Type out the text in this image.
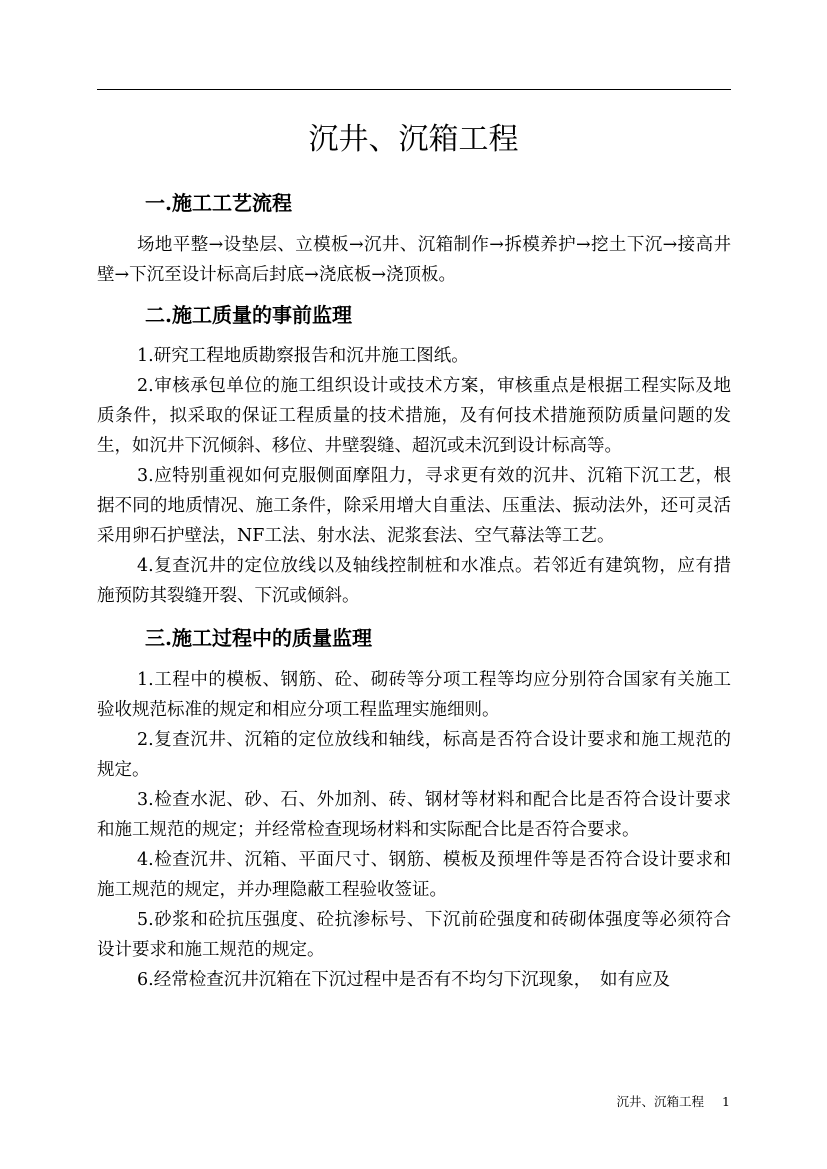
沉井、沉箱工程
一.施工工艺流程

场地平整→设垫层、立模板→沉井、沉箱制作→拆模养护→挖土下沉→接高井壁→下沉至设计标高后封底→浇底板→浇顶板。

二.施工质量的事前监理

1.研究工程地质勘察报告和沉井施工图纸。

2.审核承包单位的施工组织设计或技术方案，审核重点是根据工程实际及地质条件，拟采取的保证工程质量的技术措施，及有何技术措施预防质量问题的发生，如沉井下沉倾斜、移位、井壁裂缝、超沉或未沉到设计标高等。

3.应特别重视如何克服侧面摩阻力，寻求更有效的沉井、沉箱下沉工艺，根据不同的地质情况、施工条件，除采用增大自重法、压重法、振动法外，还可灵活采用卵石护壁法，NF工法、射水法、泥浆套法、空气幕法等工艺。

4.复查沉井的定位放线以及轴线控制桩和水准点。若邻近有建筑物，应有措施预防其裂缝开裂、下沉或倾斜。

三.施工过程中的质量监理

1.工程中的模板、钢筋、砼、砌砖等分项工程等均应分别符合国家有关施工验收规范标准的规定和相应分项工程监理实施细则。

2.复查沉井、沉箱的定位放线和轴线，标高是否符合设计要求和施工规范的规定。

3.检查水泥、砂、石、外加剂、砖、钢材等材料和配合比是否符合设计要求和施工规范的规定；并经常检查现场材料和实际配合比是否符合要求。

4.检查沉井、沉箱、平面尺寸、钢筋、模板及预埋件等是否符合设计要求和施工规范的规定，并办理隐蔽工程验收签证。

5.砂浆和砼抗压强度、砼抗渗标号、下沉前砼强度和砖砌体强度等必须符合设计要求和施工规范的规定。

6.经常检查沉井沉箱在下沉过程中是否有不均匀下沉现象，　如有应及

沉井、沉箱工程 1
